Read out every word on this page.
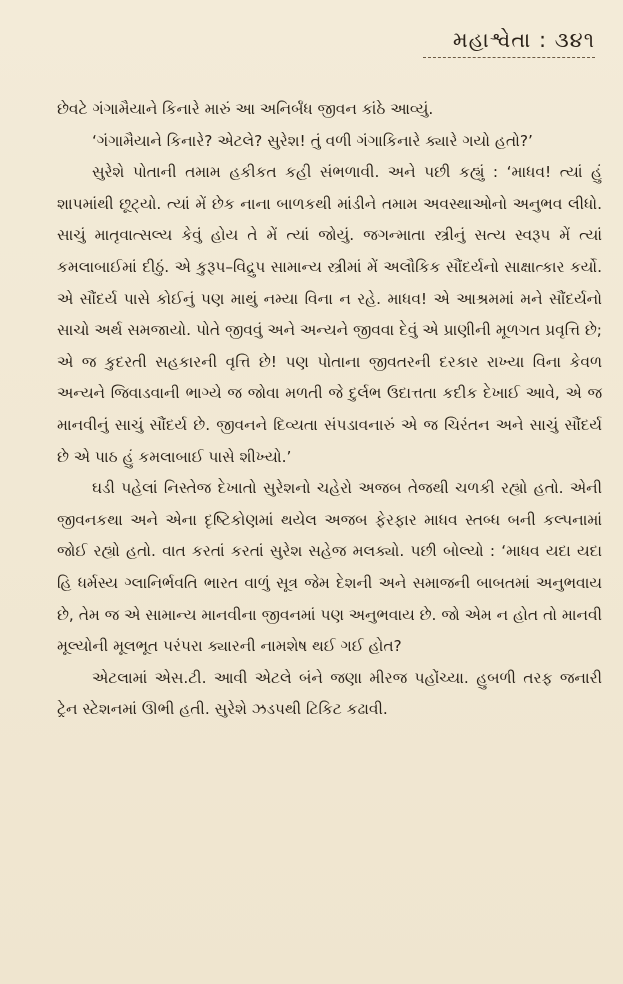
મહાશ્વેતા : ૩૪૧

છેવટે ગંગામૈયાને કિનારે મારું આ અનિર્બંધ જીવન કાંઠે આવ્યું.

‘ગંગામૈયાને કિનારે? એટલે? સુરેશ! તું વળી ગંગાકિનારે ક્યારે ગયો હતો?’

સુરેશે પોતાની તમામ હકીકત કહી સંભળાવી. અને પછી કહ્યું : ‘માધવ! ત્યાં હું શાપમાંથી છૂટ્યો. ત્યાં મેં છેક નાના બાળકથી માંડીને તમામ અવસ્થાઓનો અનુભવ લીધો. સાચું માતૃવાત્સલ્ય કેવું હોય તે મેં ત્યાં જોયું. જગન્માતા સ્ત્રીનું સત્ય સ્વરૂપ મેં ત્યાં કમલાબાઈમાં દીઠું. એ કુરૂપ–વિદ્રુપ સામાન્ય સ્ત્રીમાં મેં અલૌકિક સૌંદર્યનો સાક્ષાત્કાર કર્યો. એ સૌંદર્ય પાસે કોઈનું પણ માથું નમ્યા વિના ન રહે. માધવ! એ આશ્રમમાં મને સૌંદર્યનો સાચો અર્થ સમજાયો. પોતે જીવવું અને અન્યને જીવવા દેવું એ પ્રાણીની મૂળગત પ્રવૃત્તિ છે; એ જ કુદરતી સહકારની વૃત્તિ છે! પણ પોતાના જીવતરની દરકાર રાખ્યા વિના કેવળ અન્યને જિવાડવાની ભાગ્યે જ જોવા મળતી જે દુર્લભ ઉદાત્તતા કદીક દેખાઈ આવે, એ જ માનવીનું સાચું સૌંદર્ય છે. જીવનને દિવ્યતા સંપડાવનારું એ જ ચિરંતન અને સાચું સૌંદર્ય છે એ પાઠ હું કમલાબાઈ પાસે શીખ્યો.’

ઘડી પહેલાં નિસ્તેજ દેખાતો સુરેશનો ચહેરો અજબ તેજથી ચળકી રહ્યો હતો. એની જીવનકથા અને એના દૃષ્ટિકોણમાં થયેલ અજબ ફેરફાર માધવ સ્તબ્ધ બની કલ્પનામાં જોઈ રહ્યો હતો. વાત કરતાં કરતાં સુરેશ સહેજ મલક્યો. પછી બોલ્યો : ‘માધવ યદા યદા હિ ધર્મસ્ય ગ્લાનિર્ભવતિ ભારત વાળું સૂત્ર જેમ દેશની અને સમાજની બાબતમાં અનુભવાય છે, તેમ જ એ સામાન્ય માનવીના જીવનમાં પણ અનુભવાય છે. જો એમ ન હોત તો માનવી મૂલ્યોની મૂલભૂત પરંપરા ક્યારની નામશેષ થઈ ગઈ હોત?

એટલામાં એસ.ટી. આવી એટલે બંને જણા મીરજ પહોંચ્યા. હુબળી તરફ જનારી ટ્રેન સ્ટેશનમાં ઊભી હતી. સુરેશે ઝડપથી ટિકિટ કઢાવી.
